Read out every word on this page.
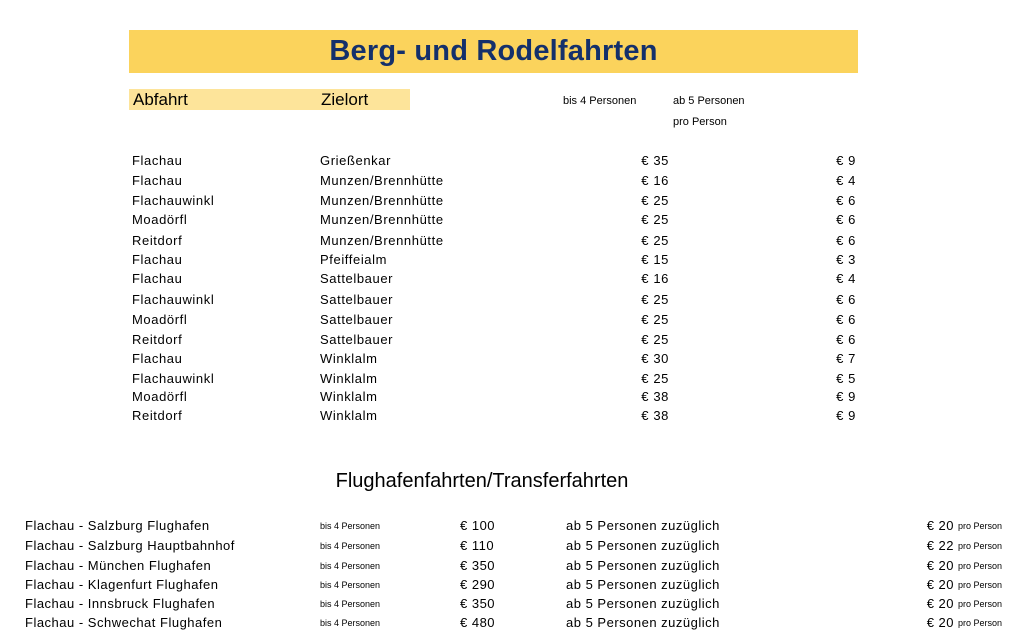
Berg- und Rodelfahrten
Abfahrt	Zielort	bis 4 Personen	ab 5 Personen
pro Person
Flachau	Grießenkar	€ 35	€ 9
Flachau	Munzen/Brennhütte	€ 16	€ 4
Flachauwinkl	Munzen/Brennhütte	€ 25	€ 6
Moadörfl	Munzen/Brennhütte	€ 25	€ 6
Reitdorf	Munzen/Brennhütte	€ 25	€ 6
Flachau	Pfeiffeialm	€ 15	€ 3
Flachau	Sattelbauer	€ 16	€ 4
Flachauwinkl	Sattelbauer	€ 25	€ 6
Moadörfl	Sattelbauer	€ 25	€ 6
Reitdorf	Sattelbauer	€ 25	€ 6
Flachau	Winklalm	€ 30	€ 7
Flachauwinkl	Winklalm	€ 25	€ 5
Moadörfl	Winklalm	€ 38	€ 9
Reitdorf	Winklalm	€ 38	€ 9
Flughafenfahrten/Transferfahrten
Flachau - Salzburg Flughafen	bis 4 Personen	€ 100	ab 5 Personen zuzüglich	€ 20 pro Person
Flachau - Salzburg Hauptbahnhof	bis 4 Personen	€ 110	ab 5 Personen zuzüglich	€ 22 pro Person
Flachau - München Flughafen	bis 4 Personen	€ 350	ab 5 Personen zuzüglich	€ 20 pro Person
Flachau - Klagenfurt Flughafen	bis 4 Personen	€ 290	ab 5 Personen zuzüglich	€ 20 pro Person
Flachau - Innsbruck Flughafen	bis 4 Personen	€ 350	ab 5 Personen zuzüglich	€ 20 pro Person
Flachau - Schwechat Flughafen	bis 4 Personen	€ 480	ab 5 Personen zuzüglich	€ 20 pro Person
